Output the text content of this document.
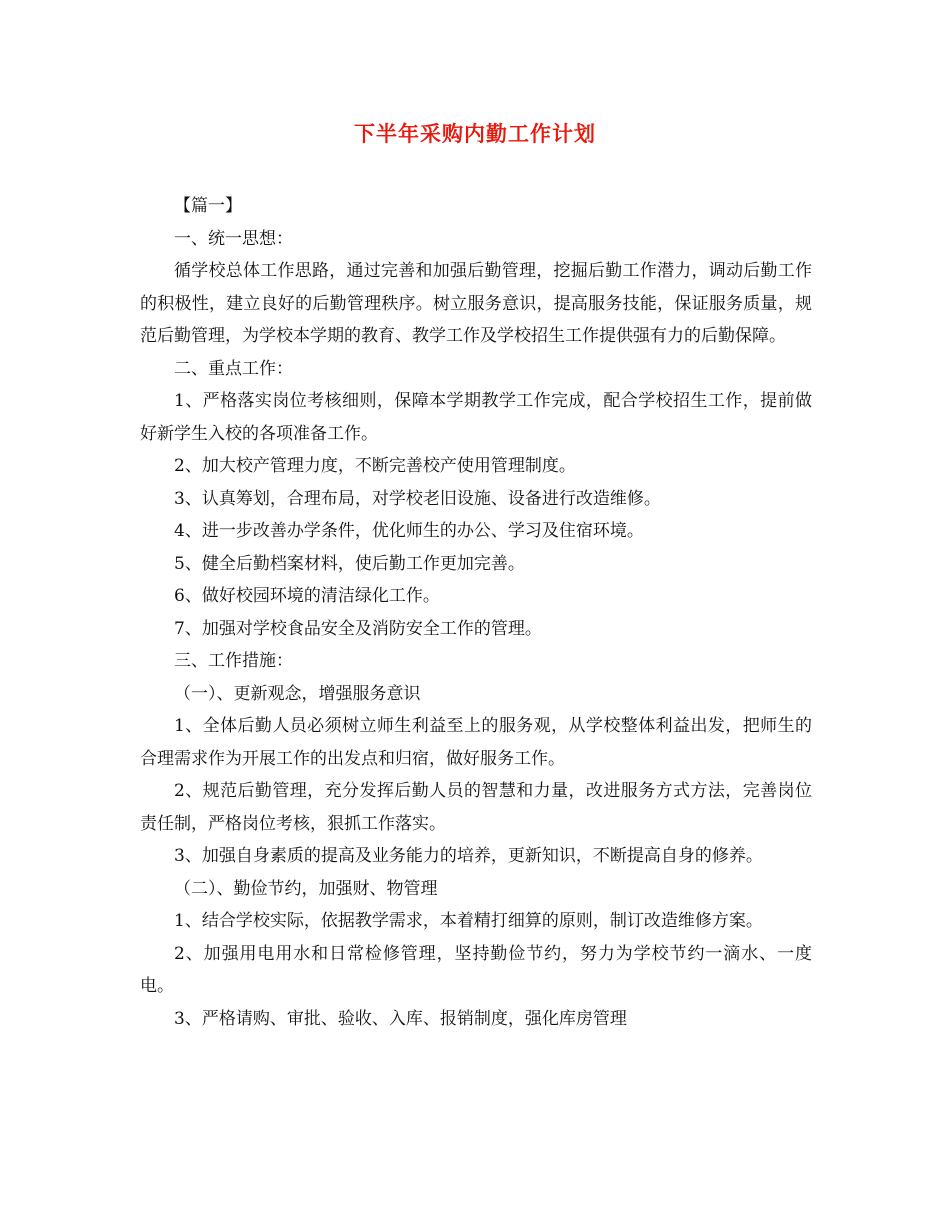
下半年采购内勤工作计划

【篇一】

一、统一思想：

循学校总体工作思路，通过完善和加强后勤管理，挖掘后勤工作潜力，调动后勤工作的积极性，建立良好的后勤管理秩序。树立服务意识，提高服务技能，保证服务质量，规范后勤管理，为学校本学期的教育、教学工作及学校招生工作提供强有力的后勤保障。

二、重点工作：

1、严格落实岗位考核细则，保障本学期教学工作完成，配合学校招生工作，提前做好新学生入校的各项准备工作。

2、加大校产管理力度，不断完善校产使用管理制度。

3、认真筹划，合理布局，对学校老旧设施、设备进行改造维修。

4、进一步改善办学条件，优化师生的办公、学习及住宿环境。

5、健全后勤档案材料，使后勤工作更加完善。

6、做好校园环境的清洁绿化工作。

7、加强对学校食品安全及消防安全工作的管理。

三、工作措施：

（一）、更新观念，增强服务意识

1、全体后勤人员必须树立师生利益至上的服务观，从学校整体利益出发，把师生的合理需求作为开展工作的出发点和归宿，做好服务工作。

2、规范后勤管理，充分发挥后勤人员的智慧和力量，改进服务方式方法，完善岗位责任制，严格岗位考核，狠抓工作落实。

3、加强自身素质的提高及业务能力的培养，更新知识，不断提高自身的修养。

（二）、勤俭节约，加强财、物管理

1、结合学校实际，依据教学需求，本着精打细算的原则，制订改造维修方案。

2、加强用电用水和日常检修管理，坚持勤俭节约，努力为学校节约一滴水、一度电。

3、严格请购、审批、验收、入库、报销制度，强化库房管理
